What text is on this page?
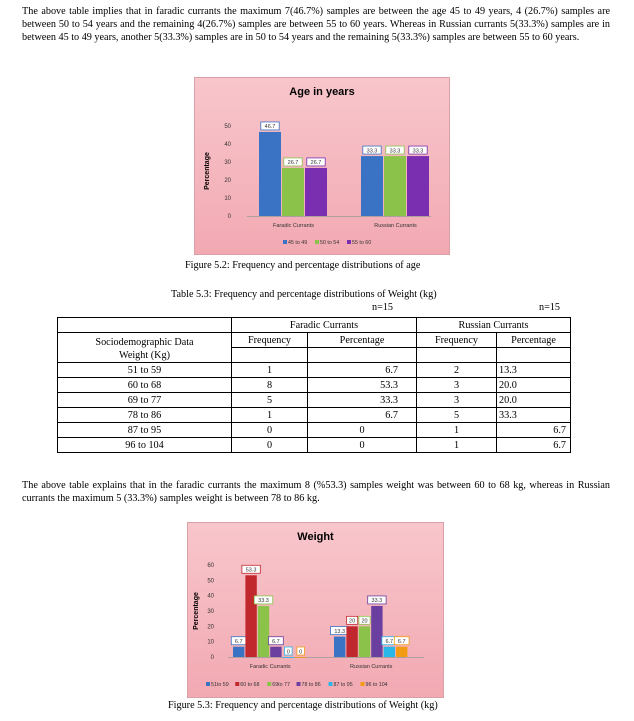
The above table implies that in faradic currants the maximum 7(46.7%) samples are between the age 45 to 49 years, 4 (26.7%) samples are between 50 to 54 years and the remaining 4(26.7%) samples are between 55 to 60 years. Whereas in Russian currants 5(33.3%) samples are in between 45 to 49 years, another 5(33.3%) samples are in 50 to 54 years and the remaining 5(33.3%) samples are between 55 to 60 years.
Age in years
Percentage
0
10
20
30
40
50	46.7
26.7 26.7
Faradic Currants
33.3 33.3 33.3
Russian Currants
45 to 49 50 to 54 55 to 60
Figure 5.2: Frequency and percentage distributions of age
Table 5.3: Frequency and percentage distributions of Weight (kg)
n=15	n=15
	Faradic Currants		Russian Currants	

Sociodemographic Data
Weight (Kg)	Frequency	Percentage	Frequency	Percentage

51 to 59	1	6.7	2	13.3
60 to 68	8	53.3	3	20.0
69 to 77	5	33.3	3	20.0
78 to 86	1	6.7	5	33.3
87 to 95	0	0	1	6.7
96 to 104	0	0	1	6.7
The above table explains that in the faradic currants the maximum 8 (%53.3) samples weight was between 60 to 68 kg, whereas in Russian currants the maximum 5 (33.3%) samples weight is between 78 to 86 kg.
Weight
Percentage
0
10
20
30
40
50
60
6.7
53.3
33.3
6.7
0 0
Faradic Currants
13.3
20 20
33.3
6.7 6.7
Russian Currants
51to 59 60 to 68 69to 77 78 to 86 87 to 95 96 to 104
Figure 5.3: Frequency and percentage distributions of Weight (kg)
